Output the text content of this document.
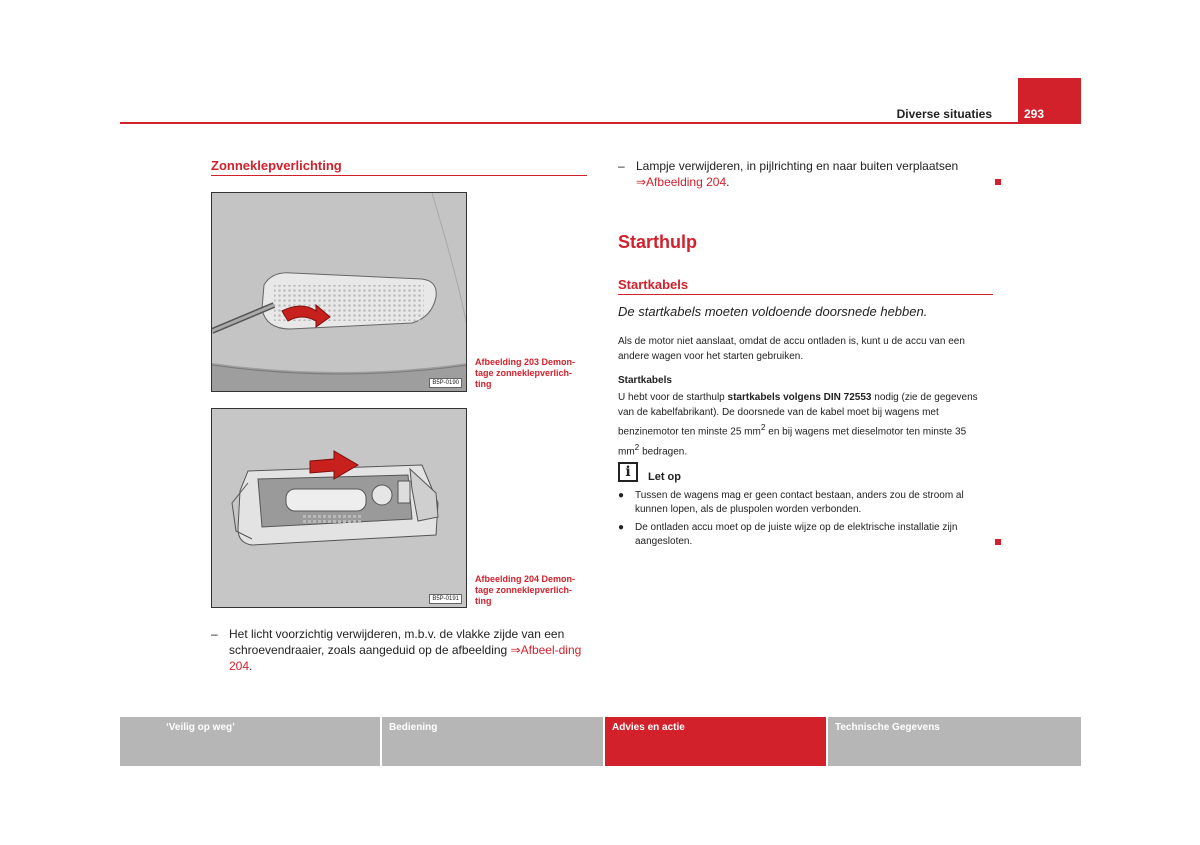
Diverse situaties	293
Zonneklepverlichting
B5P-0190
Afbeelding 203 Demon-tage zonneklepverlich-ting
B5P-0191
Afbeelding 204 Demon-tage zonneklepverlich-ting
– Het licht voorzichtig verwijderen, m.b.v. de vlakke zijde van een schroevendraaier, zoals aangeduid op de afbeelding ⇒Afbeel-ding 204.
– Lampje verwijderen, in pijlrichting en naar buiten verplaatsen ⇒Afbeelding 204.
Starthulp
Startkabels
De startkabels moeten voldoende doorsnede hebben.
Als de motor niet aanslaat, omdat de accu ontladen is, kunt u de accu van een andere wagen voor het starten gebruiken.
Startkabels
U hebt voor de starthulp startkabels volgens DIN 72553 nodig (zie de gegevens van de kabelfabrikant). De doorsnede van de kabel moet bij wagens met benzinemotor ten minste 25 $mm^2$ en bij wagens met dieselmotor ten minste 35 $mm^2$ bedragen.
i	Let op
●	Tussen de wagens mag er geen contact bestaan, anders zou de stroom al kunnen lopen, als de pluspolen worden verbonden.
●	De ontladen accu moet op de juiste wijze op de elektrische installatie zijn aangesloten.
‘Veilig op weg’	Bediening	Advies en actie	Technische Gegevens
